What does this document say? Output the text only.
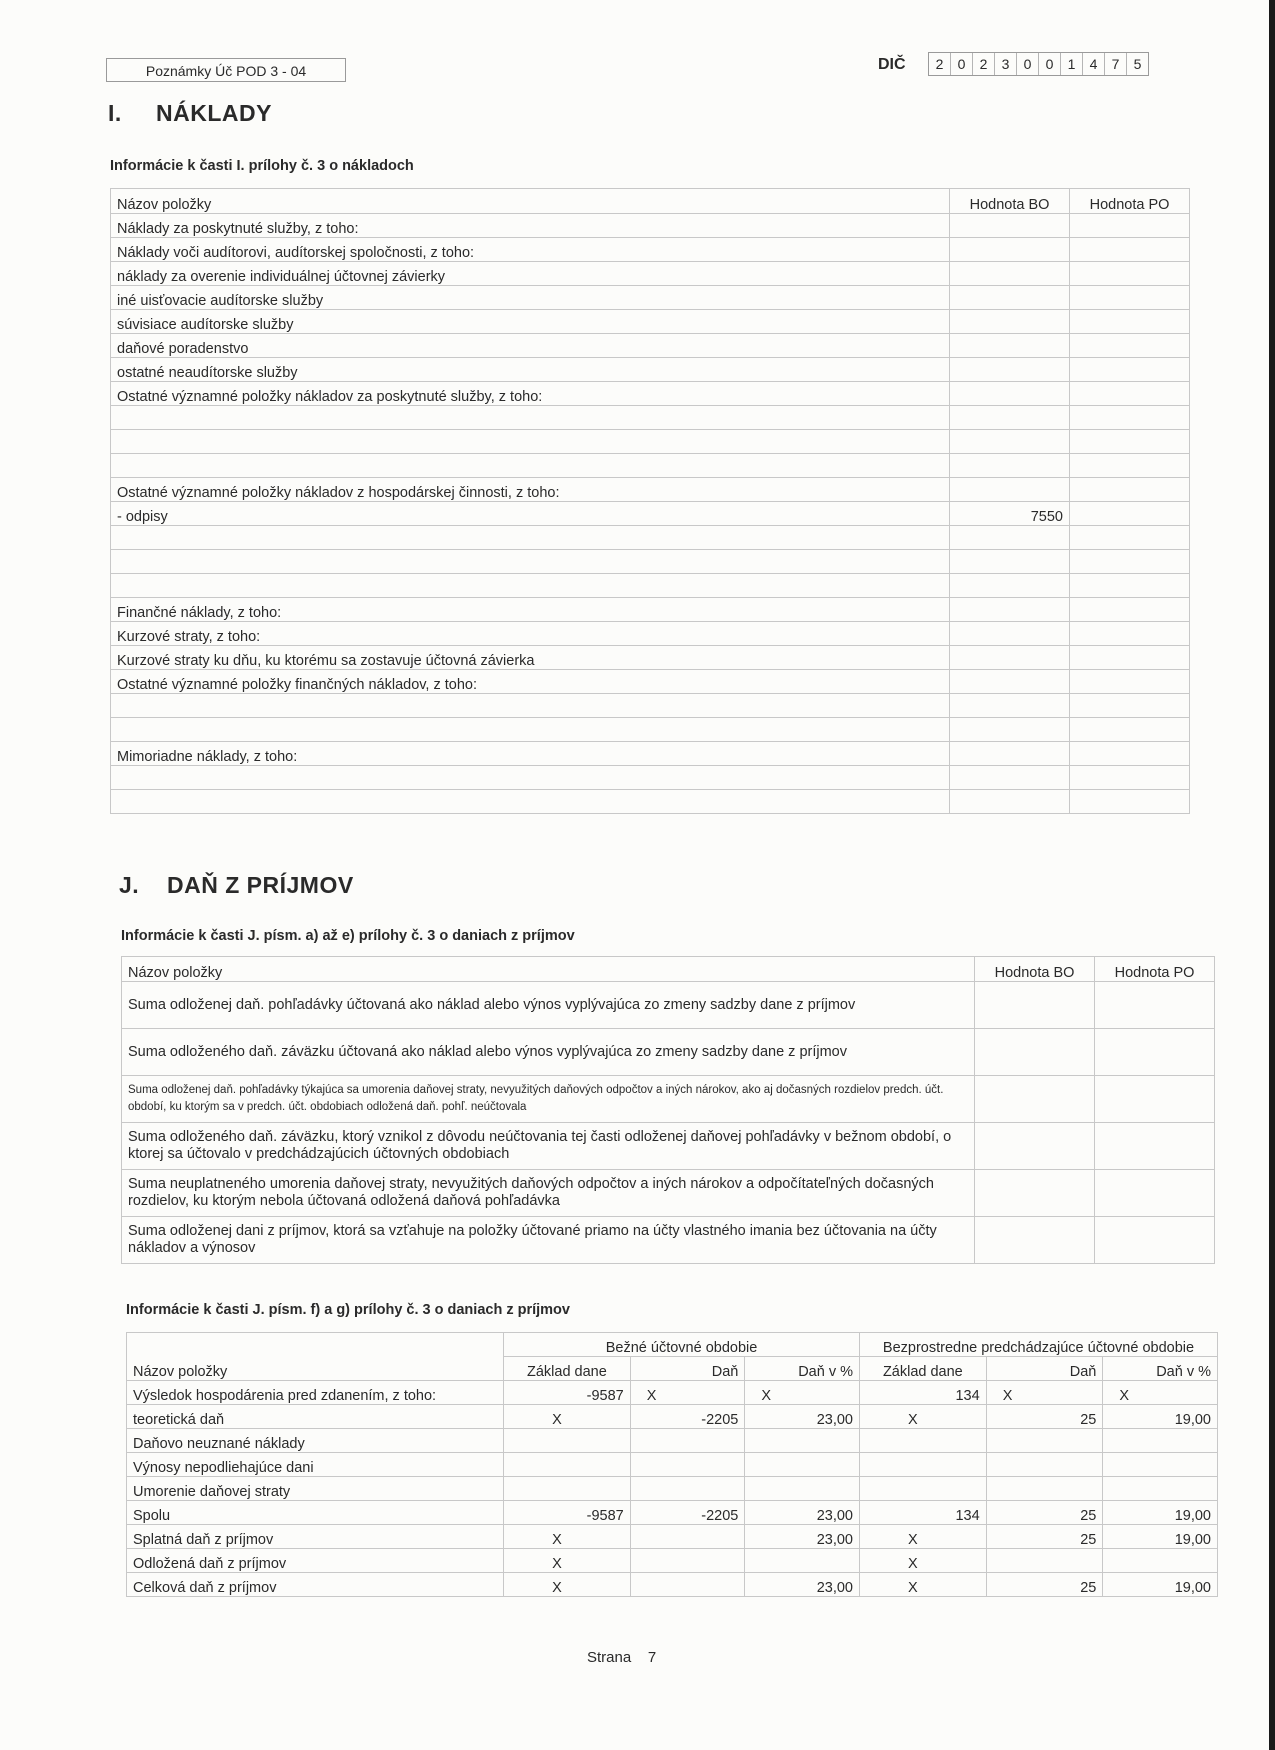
Poznámky Úč POD 3 - 04	DIČ	2	0	2	3	0	0	1	4	7	5
I. NÁKLADY
Informácie k časti I. prílohy č. 3 o nákladoch
Názov položky	Hodnota BO	Hodnota PO
Náklady za poskytnuté služby, z toho:		
Náklady voči audítorovi, audítorskej spoločnosti, z toho:		
náklady za overenie individuálnej účtovnej závierky		
iné uisťovacie audítorske služby		
súvisiace audítorske služby		
daňové poradenstvo		
ostatné neaudítorske služby		
Ostatné významné položky nákladov za poskytnuté služby, z toho:		

Ostatné významné položky nákladov z hospodárskej činnosti, z toho:		
- odpisy	7550	

Finančné náklady, z toho:		
Kurzové straty, z toho:		
Kurzové straty ku dňu, ku ktorému sa zostavuje účtovná závierka		
Ostatné významné položky finančných nákladov, z toho:		

Mimoriadne náklady, z toho:		

J. DAŇ Z PRÍJMOV
Informácie k časti J. písm. a) až e) prílohy č. 3 o daniach z príjmov
Názov položky	Hodnota BO	Hodnota PO
Suma odloženej daň. pohľadávky účtovaná ako náklad alebo výnos vyplývajúca zo zmeny sadzby dane z príjmov		
Suma odloženého daň. záväzku účtovaná ako náklad alebo výnos vyplývajúca zo zmeny sadzby dane z príjmov		
Suma odloženej daň. pohľadávky týkajúca sa umorenia daňovej straty, nevyužitých daňových odpočtov a iných nárokov, ako aj dočasných rozdielov predch. účt. období, ku ktorým sa v predch. účt. obdobiach odložená daň. pohľ. neúčtovala		
Suma odloženého daň. záväzku, ktorý vznikol z dôvodu neúčtovania tej časti odloženej daňovej pohľadávky v bežnom období, o ktorej sa účtovalo v predchádzajúcich účtovných obdobiach		
Suma neuplatneného umorenia daňovej straty, nevyužitých daňových odpočtov a iných nárokov a odpočítateľných dočasných rozdielov, ku ktorým nebola účtovaná odložená daňová pohľadávka		
Suma odloženej dani z príjmov, ktorá sa vzťahuje na položky účtované priamo na účty vlastného imania bez účtovania na účty nákladov a výnosov		
Informácie k časti J. písm. f) a g) prílohy č. 3 o daniach z príjmov
Názov položky	Bežné účtovné obdobie			Bezprostredne predchádzajúce účtovné obdobie		
	Základ dane	Daň	Daň v %	Základ dane	Daň	Daň v %
Výsledok hospodárenia pred zdanením, z toho:	-9587	X	X	134	X	X
teoretická daň	X	-2205	23,00	X	25	19,00
Daňovo neuznané náklady						
Výnosy nepodliehajúce dani						
Umorenie daňovej straty						
Spolu	-9587	-2205	23,00	134	25	19,00
Splatná daň z príjmov	X		23,00	X	25	19,00
Odložená daň z príjmov	X			X		
Celková daň z príjmov	X		23,00	X	25	19,00
Strana 7
